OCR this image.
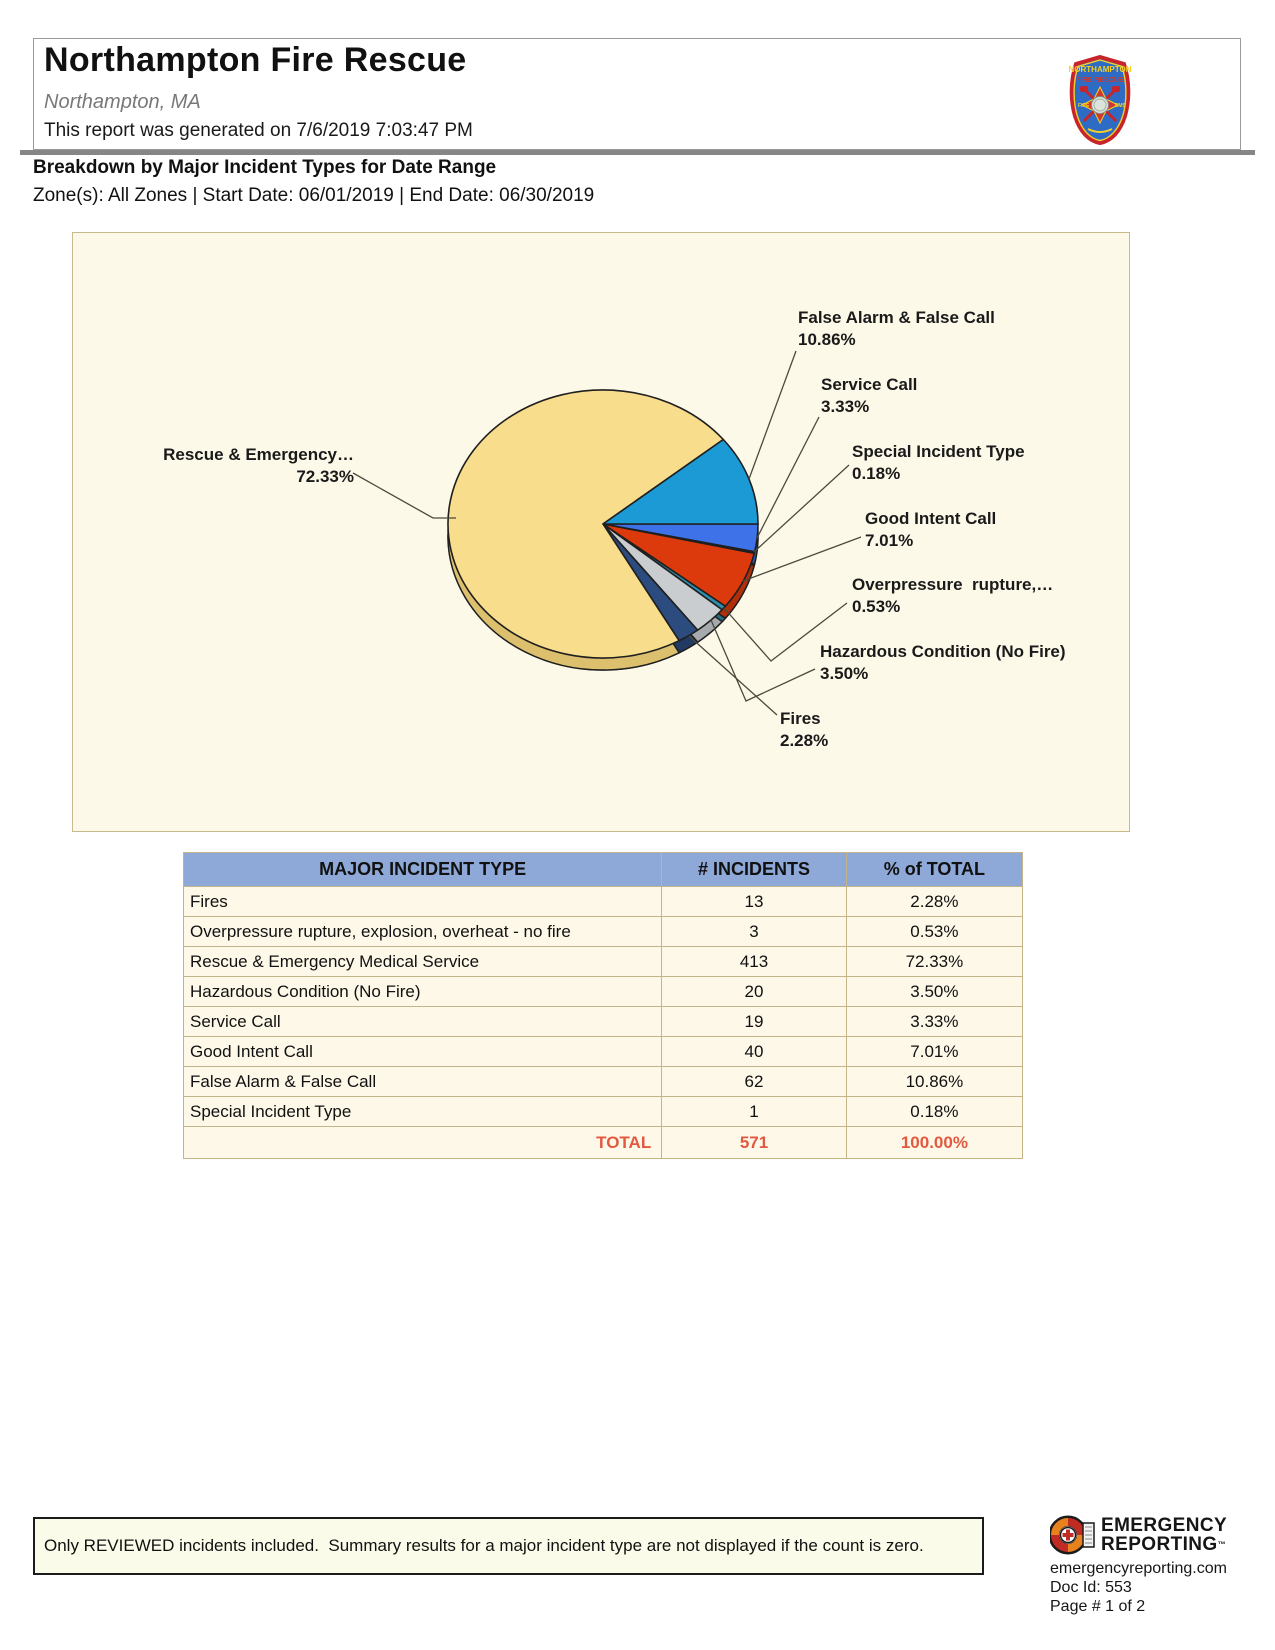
Northampton Fire Rescue
Northampton, MA
This report was generated on 7/6/2019 7:03:47 PM
NORTHAMPTON
FIRE RESCUE
FIRE	EMS
Breakdown by Major Incident Types for Date Range
Zone(s): All Zones | Start Date: 06/01/2019 | End Date: 06/30/2019
Service Call
3.33%
Special Incident Type
0.18%
Good Intent Call
7.01%
Overpressure  rupture,…
0.53%
Hazardous Condition (No Fire)
3.50%
Fires
2.28%
Rescue & Emergency…
72.33%
False Alarm & False Call
10.86%
MAJOR INCIDENT TYPE	# INCIDENTS	% of TOTAL
Fires	13	2.28%
Overpressure rupture, explosion, overheat - no fire	3	0.53%
Rescue & Emergency Medical Service	413	72.33%
Hazardous Condition (No Fire)	20	3.50%
Service Call	19	3.33%
Good Intent Call	40	7.01%
False Alarm & False Call	62	10.86%
Special Incident Type	1	0.18%
TOTAL	571	100.00%
Only REVIEWED incidents included.  Summary results for a major incident type are not displayed if the count is zero.
EMERGENCY
REPORTING™
emergencyreporting.com
Doc Id: 553
Page # 1 of 2
